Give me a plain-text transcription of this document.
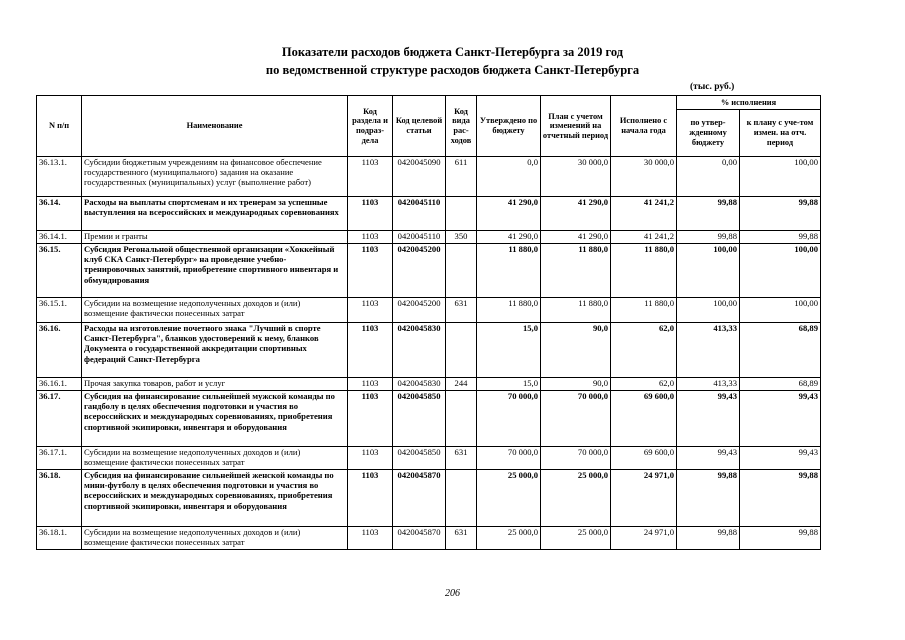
Показатели расходов бюджета Санкт-Петербурга за 2019 год
по ведомственной структуре расходов бюджета Санкт-Петербурга
(тыс. руб.)
N п/п	Наименование	Код раздела и подраз-дела	Код целевой статьи	Код вида рас-ходов	Утверждено по бюджету	План с учетом изменений на отчетный период	Исполнено с начала года	% исполнения	
								по утвер-жденному бюджету	к плану с уче-том измен. на отч. период
36.13.1.	Субсидии бюджетным учреждениям на финансовое обеспечение государственного (муниципального) задания на оказание государственных (муниципальных) услуг (выполнение работ)	1103	0420045090	611	0,0	30 000,0	30 000,0	0,00	100,00
36.14.	Расходы на выплаты спортсменам и их тренерам за успешные выступления на всероссийских и международных соревнованиях	1103	0420045110		41 290,0	41 290,0	41 241,2	99,88	99,88
36.14.1.	Премии и гранты	1103	0420045110	350	41 290,0	41 290,0	41 241,2	99,88	99,88
36.15.	Субсидия Регональной общественной организации «Хоккейный клуб СКА Санкт-Петербург» на проведение учебно-тренировочных занятий, приобретение спортивного инвентаря и обмундирования	1103	0420045200		11 880,0	11 880,0	11 880,0	100,00	100,00
36.15.1.	Субсидии на возмещение недополученных доходов и (или) возмещение фактически понесенных затрат	1103	0420045200	631	11 880,0	11 880,0	11 880,0	100,00	100,00
36.16.	Расходы на изготовление почетного знака "Лучший в спорте Санкт-Петербурга", бланков удостоверений к нему, бланков Документа о государственной аккредитации спортивных федераций Санкт-Петербурга	1103	0420045830		15,0	90,0	62,0	413,33	68,89
36.16.1.	Прочая закупка товаров, работ и услуг	1103	0420045830	244	15,0	90,0	62,0	413,33	68,89
36.17.	Субсидия на финансирование сильнейшей мужской команды по гандболу в целях обеспечения подготовки и участия во всероссийских и международных соревнованиях, приобретения спортивной экипировки, инвентаря и оборудования	1103	0420045850		70 000,0	70 000,0	69 600,0	99,43	99,43
36.17.1.	Субсидии на возмещение недополученных доходов и (или) возмещение фактически понесенных затрат	1103	0420045850	631	70 000,0	70 000,0	69 600,0	99,43	99,43
36.18.	Субсидия на финансирование сильнейшей женской команды по мини-футболу в целях обеспечения подготовки и участия во всероссийских и международных соревнованиях, приобретения спортивной экипировки, инвентаря и оборудования	1103	0420045870		25 000,0	25 000,0	24 971,0	99,88	99,88
36.18.1.	Субсидии на возмещение недополученных доходов и (или) возмещение фактически понесенных затрат	1103	0420045870	631	25 000,0	25 000,0	24 971,0	99,88	99,88
206
